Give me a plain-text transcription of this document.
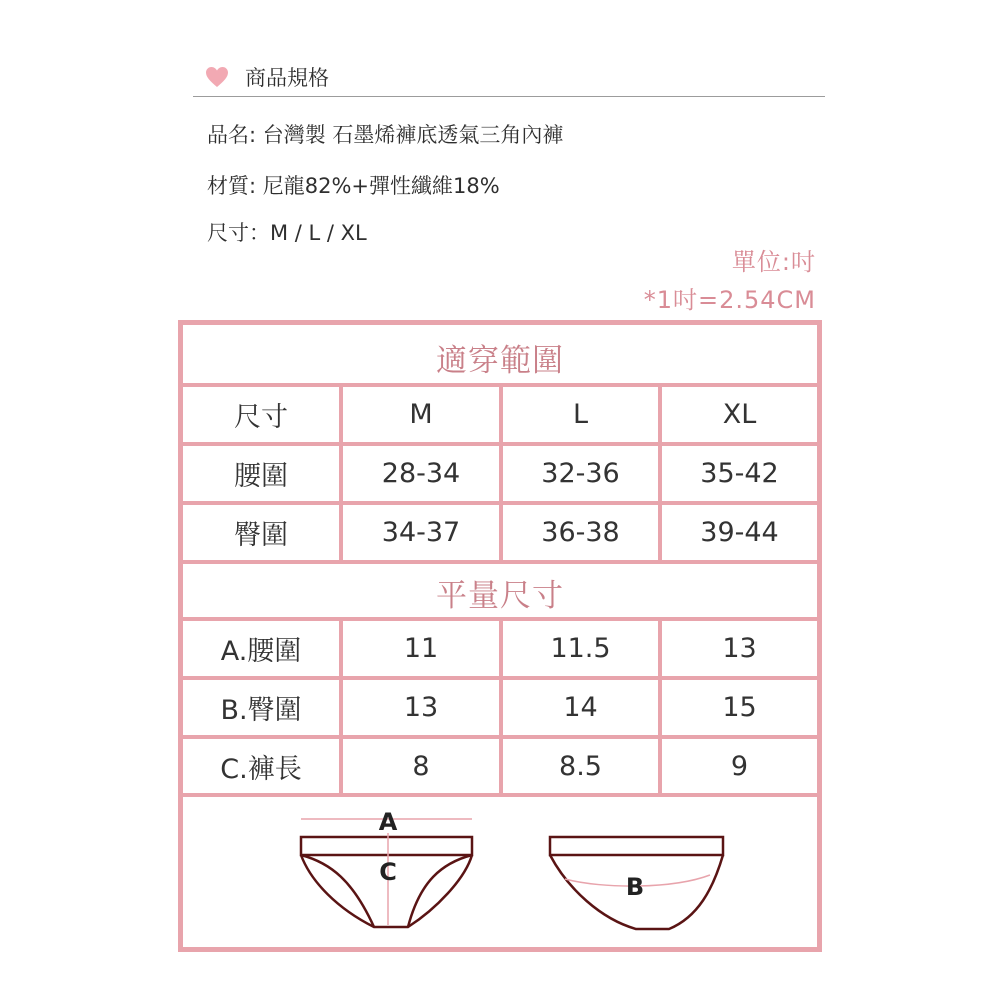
商品規格
品名: 台灣製 石墨烯褲底透氣三角內褲
材質: 尼龍82%+彈性纖維18%
尺寸：M / L / XL
單位:吋
*1吋=2.54CM
適穿範圍
尺寸	M	L	XL
腰圍	28-34	32-36	35-42
臀圍	34-37	36-38	39-44
平量尺寸
A.腰圍	11	11.5	13
B.臀圍	13	14	15
C.褲長	8	8.5	9
A
C
B
